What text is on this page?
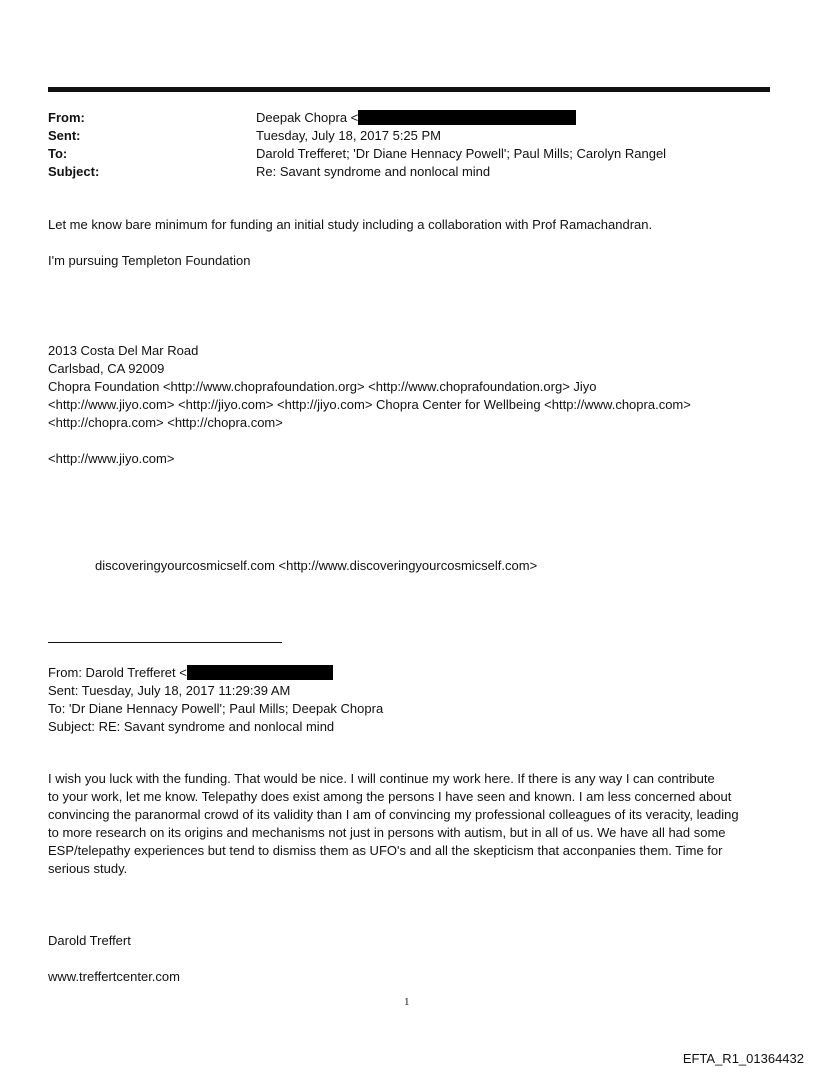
From:	Deepak Chopra <
Sent:	Tuesday, July 18, 2017 5:25 PM
To:	Darold Trefferet; 'Dr Diane Hennacy Powell'; Paul Mills; Carolyn Rangel
Subject:	Re: Savant syndrome and nonlocal mind
Let me know bare minimum for funding an initial study including a collaboration with Prof Ramachandran.
I'm pursuing Templeton Foundation
2013 Costa Del Mar Road
Carlsbad, CA 92009
Chopra Foundation <http://www.choprafoundation.org> <http://www.choprafoundation.org> Jiyo
<http://www.jiyo.com> <http://jiyo.com> <http://jiyo.com> Chopra Center for Wellbeing <http://www.chopra.com>
<http://chopra.com> <http://chopra.com>
<http://www.jiyo.com>
discoveringyourcosmicself.com <http://www.discoveringyourcosmicself.com>
From: Darold Trefferet <
Sent: Tuesday, July 18, 2017 11:29:39 AM
To: 'Dr Diane Hennacy Powell'; Paul Mills; Deepak Chopra
Subject: RE: Savant syndrome and nonlocal mind
I wish you luck with the funding. That would be nice. I will continue my work here. If there is any way I can contribute
to your work, let me know. Telepathy does exist among the persons I have seen and known. I am less concerned about
convincing the paranormal crowd of its validity than I am of convincing my professional colleagues of its veracity, leading
to more research on its origins and mechanisms not just in persons with autism, but in all of us. We have all had some
ESP/telepathy experiences but tend to dismiss them as UFO's and all the skepticism that acconpanies them. Time for
serious study.
Darold Treffert
www.treffertcenter.com
1
EFTA_R1_01364432
